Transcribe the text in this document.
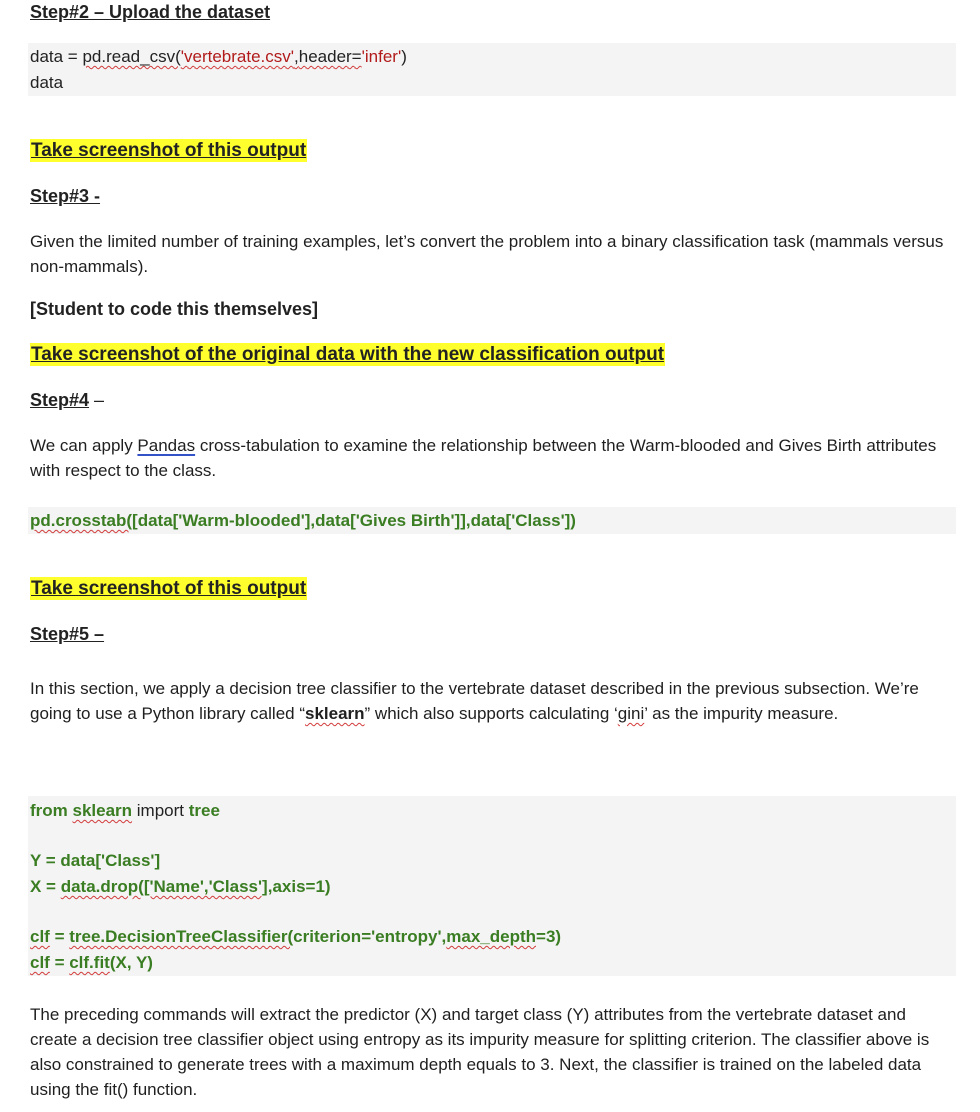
Step#2 – Upload the dataset
data = pd.read_csv('vertebrate.csv',header='infer')
data
Take screenshot of this output
Step#3 -
Given the limited number of training examples, let’s convert the problem into a binary classification task (mammals versus non-mammals).
[Student to code this themselves]
Take screenshot of the original data with the new classification output
Step#4 –
We can apply Pandas cross-tabulation to examine the relationship between the Warm-blooded and Gives Birth attributes with respect to the class.
pd.crosstab([data['Warm-blooded'],data['Gives Birth']],data['Class'])
Take screenshot of this output
Step#5 –
In this section, we apply a decision tree classifier to the vertebrate dataset described in the previous subsection. We’re going to use a Python library called “sklearn” which also supports calculating ‘gini’ as the impurity measure.
from sklearn import tree
Y = data['Class']
X = data.drop(['Name','Class'],axis=1)
clf = tree.DecisionTreeClassifier(criterion='entropy',max_depth=3)
clf = clf.fit(X, Y)
The preceding commands will extract the predictor (X) and target class (Y) attributes from the vertebrate dataset and create a decision tree classifier object using entropy as its impurity measure for splitting criterion. The classifier above is also constrained to generate trees with a maximum depth equals to 3. Next, the classifier is trained on the labeled data using the fit() function.
